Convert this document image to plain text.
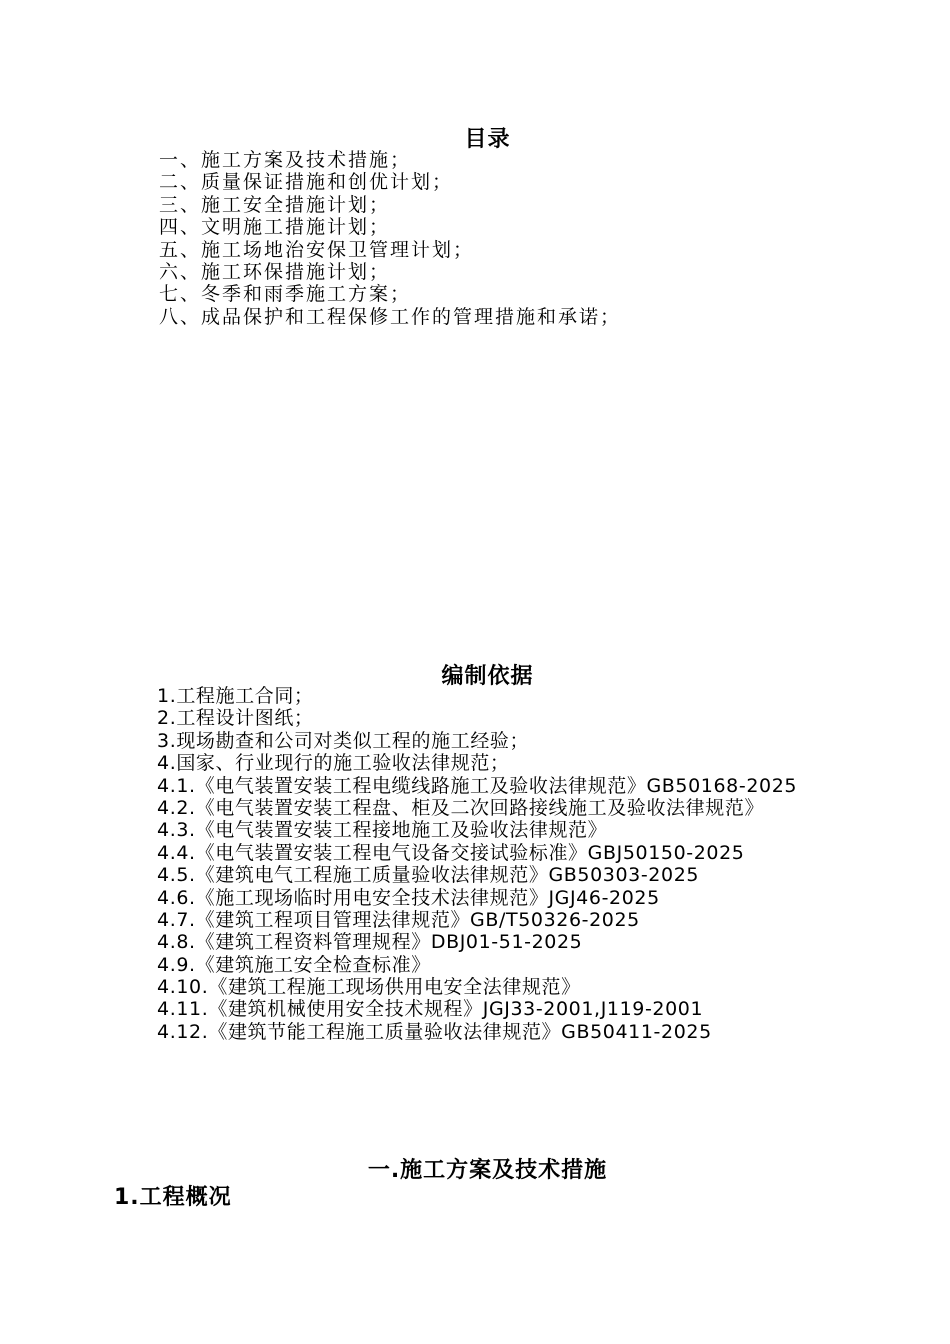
目录
一、施工方案及技术措施；
二、质量保证措施和创优计划；
三、施工安全措施计划；
四、文明施工措施计划；
五、施工场地治安保卫管理计划；
六、施工环保措施计划；
七、冬季和雨季施工方案；
八、成品保护和工程保修工作的管理措施和承诺；
编制依据
1.工程施工合同；
2.工程设计图纸；
3.现场勘查和公司对类似工程的施工经验；
4.国家、行业现行的施工验收法律规范；
4.1.《电气装置安装工程电缆线路施工及验收法律规范》GB50168-2025
4.2.《电气装置安装工程盘、柜及二次回路接线施工及验收法律规范》
4.3.《电气装置安装工程接地施工及验收法律规范》
4.4.《电气装置安装工程电气设备交接试验标准》GBJ50150-2025
4.5.《建筑电气工程施工质量验收法律规范》GB50303-2025
4.6.《施工现场临时用电安全技术法律规范》JGJ46-2025
4.7.《建筑工程项目管理法律规范》GB/T50326-2025
4.8.《建筑工程资料管理规程》DBJ01-51-2025
4.9.《建筑施工安全检查标准》
4.10.《建筑工程施工现场供用电安全法律规范》
4.11.《建筑机械使用安全技术规程》JGJ33-2001,J119-2001
4.12.《建筑节能工程施工质量验收法律规范》GB50411-2025
一.施工方案及技术措施
1.工程概况
